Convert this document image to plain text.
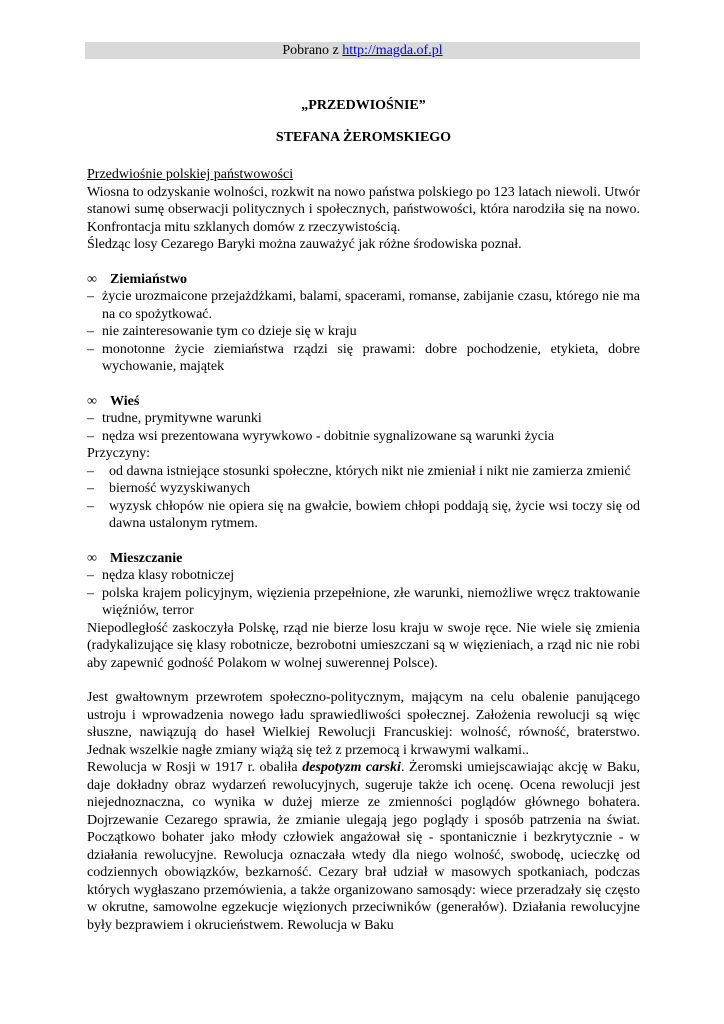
Pobrano z http://magda.of.pl
„PRZEDWIOŚNIE”
STEFANA ŻEROMSKIEGO
Przedwiośnie polskiej państwowości
Wiosna to odzyskanie wolności, rozkwit na nowo państwa polskiego po 123 latach niewoli. Utwór stanowi sumę obserwacji politycznych i społecznych, państwowości, która narodziła się na nowo. Konfrontacja mitu szklanych domów z rzeczywistością.
Śledząc losy Cezarego Baryki można zauważyć jak różne środowiska poznał.
∞ Ziemiaństwo
– życie urozmaicone przejażdżkami, balami, spacerami, romanse, zabijanie czasu, którego nie ma na co spożytkować.
– nie zainteresowanie tym co dzieje się w kraju
– monotonne życie ziemiaństwa rządzi się prawami: dobre pochodzenie, etykieta, dobre wychowanie, majątek
∞ Wieś
– trudne, prymitywne warunki
– nędza wsi prezentowana wyrywkowo - dobitnie sygnalizowane są warunki życia
Przyczyny:
– od dawna istniejące stosunki społeczne, których nikt nie zmieniał i nikt nie zamierza zmienić
– bierność wyzyskiwanych
– wyzysk chłopów nie opiera się na gwałcie, bowiem chłopi poddają się, życie wsi toczy się od dawna ustalonym rytmem.
∞ Mieszczanie
– nędza klasy robotniczej
– polska krajem policyjnym, więzienia przepełnione, złe warunki, niemożliwe wręcz traktowanie więźniów, terror
Niepodległość zaskoczyła Polskę, rząd nie bierze losu kraju w swoje ręce. Nie wiele się zmienia (radykalizujące się klasy robotnicze, bezrobotni umieszczani są w więzieniach, a rząd nic nie robi aby zapewnić godność Polakom w wolnej suwerennej Polsce).
Jest gwałtownym przewrotem społeczno-politycznym, mającym na celu obalenie panującego ustroju i wprowadzenia nowego ładu sprawiedliwości społecznej. Założenia rewolucji są więc słuszne, nawiązują do haseł Wielkiej Rewolucji Francuskiej: wolność, równość, braterstwo. Jednak wszelkie nagłe zmiany wiążą się też z przemocą i krwawymi walkami..
Rewolucja w Rosji w 1917 r. obaliła despotyzm carski. Żeromski umiejscawiając akcję w Baku, daje dokładny obraz wydarzeń rewolucyjnych, sugeruje także ich ocenę. Ocena rewolucji jest niejednoznaczna, co wynika w dużej mierze ze zmienności poglądów głównego bohatera. Dojrzewanie Cezarego sprawia, że zmianie ulegają jego poglądy i sposób patrzenia na świat. Początkowo bohater jako młody człowiek angażował się - spontanicznie i bezkrytycznie - w działania rewolucyjne. Rewolucja oznaczała wtedy dla niego wolność, swobodę, ucieczkę od codziennych obowiązków, bezkarność. Cezary brał udział w masowych spotkaniach, podczas których wygłaszano przemówienia, a także organizowano samosądy: wiece przeradzały się często w okrutne, samowolne egzekucje więzionych przeciwników (generałów). Działania rewolucyjne były bezprawiem i okrucieństwem. Rewolucja w Baku
